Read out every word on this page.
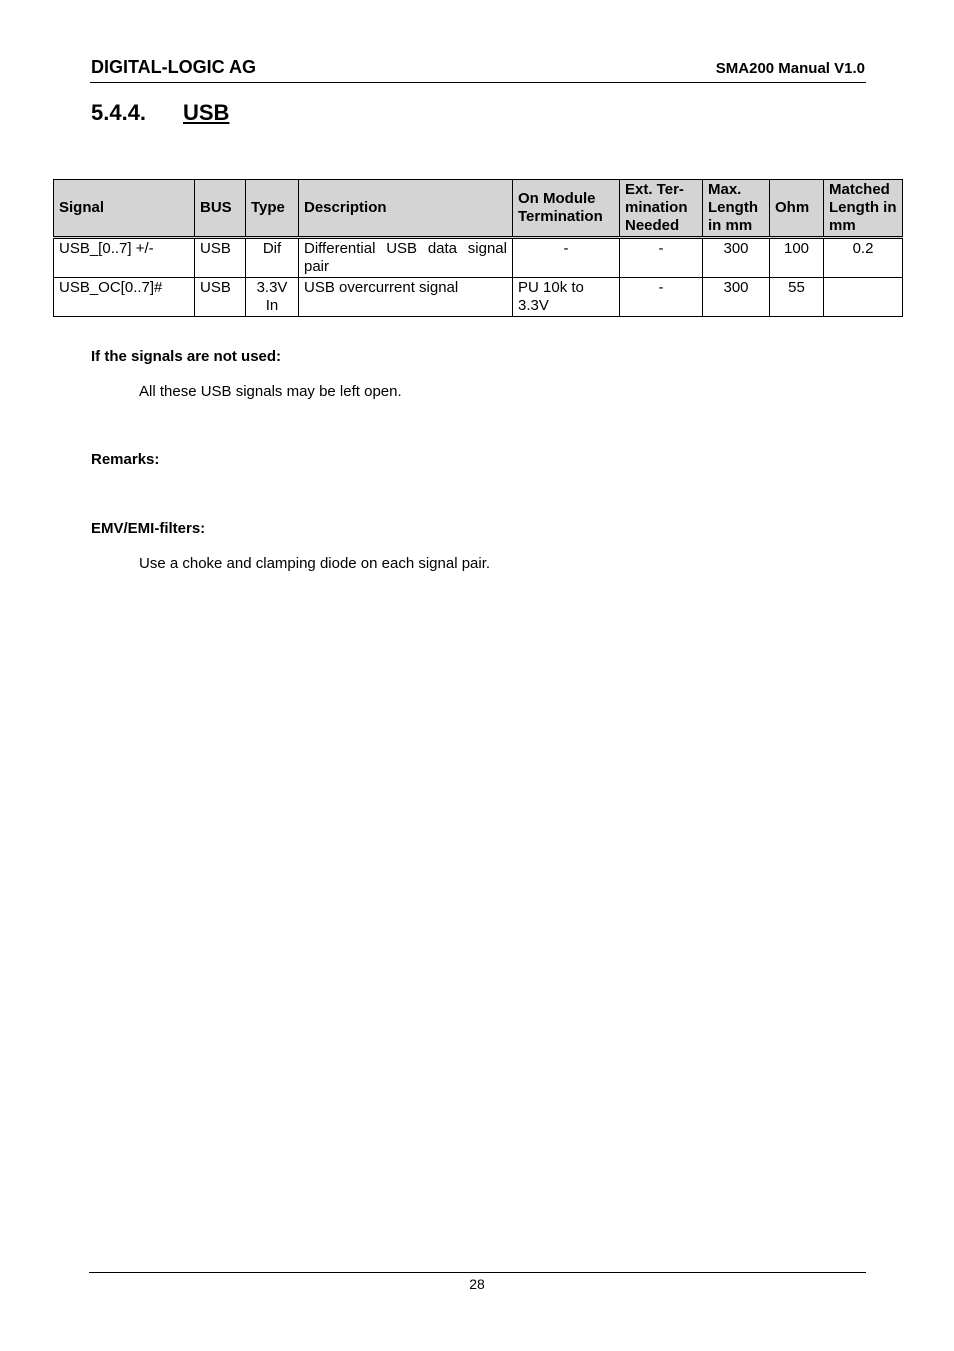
DIGITAL-LOGIC AG	SMA200 Manual V1.0
5.4.4. USB
Signal	BUS	Type	Description	On Module Termination	Ext. Ter-mination Needed	Max. Length in mm	Ohm	Matched Length in mm
USB_[0..7] +/-	USB	Dif	Differential USB data signal pair	-	-	300	100	0.2
USB_OC[0..7]#	USB	3.3V In	USB overcurrent signal	PU 10k to 3.3V	-	300	55	
If the signals are not used:
All these USB signals may be left open.
Remarks:
EMV/EMI-filters:
Use a choke and clamping diode on each signal pair.
28
